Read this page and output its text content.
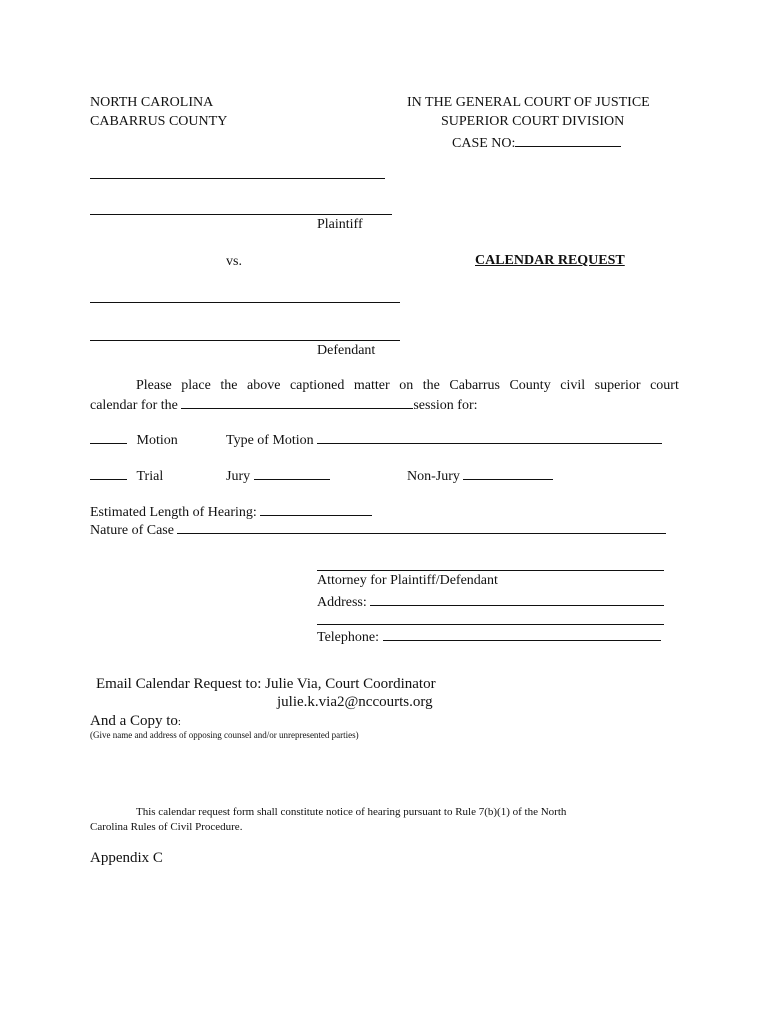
NORTH CAROLINA
CABARRUS COUNTY
IN THE GENERAL COURT OF JUSTICE
SUPERIOR COURT DIVISION
CASE NO:
Plaintiff
vs.	CALENDAR REQUEST
Defendant
Please place the above captioned matter on the Cabarrus County civil superior court
calendar for the	session for:
Motion	Type of Motion
Trial	Jury	Non-Jury
Estimated Length of Hearing:
Nature of Case
Attorney for Plaintiff/Defendant
Address:
Telephone:
Email Calendar Request to: Julie Via, Court Coordinator
julie.k.via2@nccourts.org
And a Copy to:
(Give name and address of opposing counsel and/or unrepresented parties)
This calendar request form shall constitute notice of hearing pursuant to Rule 7(b)(1) of the North
Carolina Rules of Civil Procedure.
Appendix C
